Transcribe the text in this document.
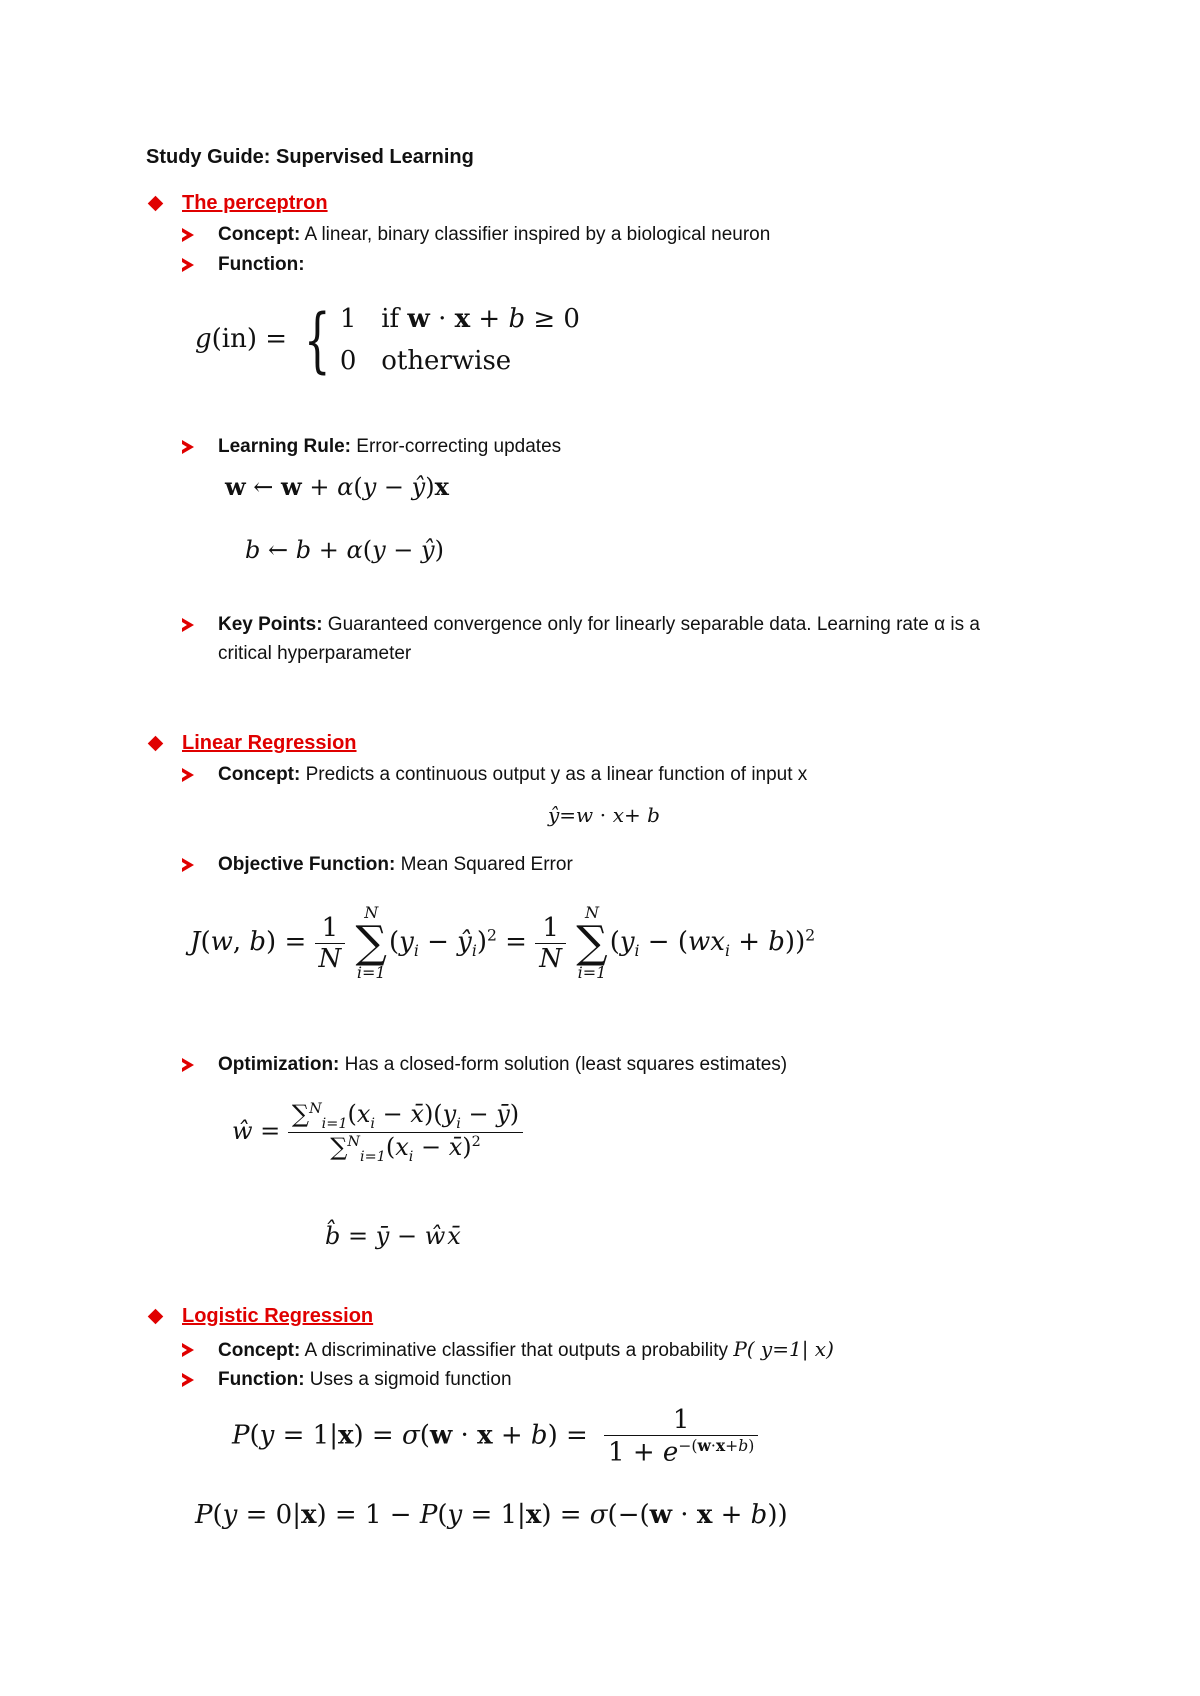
Study Guide: Supervised Learning
The perceptron
Concept: A linear, binary classifier inspired by a biological neuron
Function:
g(in) = { 1   if w · x + b ≥ 0
0   otherwise
Learning Rule: Error-correcting updates
w ← w + α(y − ŷ)x
b ← b + α(y − ŷ)
Key Points: Guaranteed convergence only for linearly separable data. Learning rate α is a
critical hyperparameter
Linear Regression
Concept: Predicts a continuous output y as a linear function of input x
ŷ=w ⋅ x+ b
Objective Function: Mean Squared Error
J(w, $b) = \frac{1}{N}$
	N
∑
i=1
($y_i$ − $ŷ_i)^2 = \frac{1}{N}$
	N
∑
i=1
$(y_i - (wx_i + b))^2$
Optimization: Has a closed-form solution (least squares estimates)
ŵ = $\frac{\sum^N_{i=1}(x_i - x̄)(y_i - ȳ)}{\sum^N_{i=1}(x_i - x̄)^2}$
b̂ = ȳ − ŵx̄
Logistic Regression
Concept: A discriminative classifier that outputs a probability P( y=1| x)
Function: Uses a sigmoid function
$P(y = 1|x) = \sigma(w \cdot x + b) = \frac{1}{1 + e^{-(w\cdot x+b)}}$
P(y = 0|x) = 1 − P(y = 1|x) = σ(−(w · x + b))
